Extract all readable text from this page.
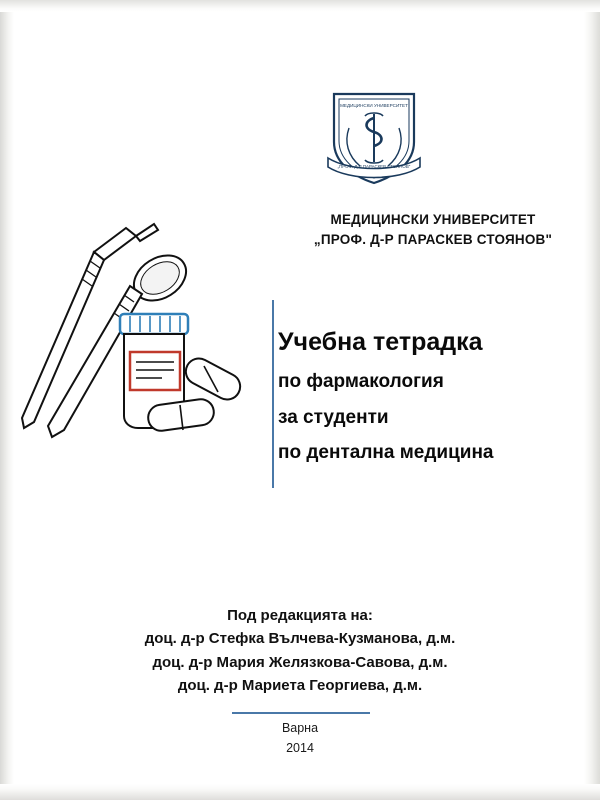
МЕДИЦИНСКИ УНИВЕРСИТЕТ
„ПРОФ. Д-Р ПАРАСКЕВ СТОЯНОВ"
МЕДИЦИНСКИ УНИВЕРСИТЕТ
„ПРОФ. Д-Р ПАРАСКЕВ СТОЯНОВ"
Учебна тетрадка
по фармакология
за студенти
по дентална медицина
Под редакцията на:
доц. д-р Стефка Вълчева-Кузманова, д.м.
доц. д-р Мария Желязкова-Савова, д.м.
доц. д-р Мариета Георгиева, д.м.
Варна
2014
